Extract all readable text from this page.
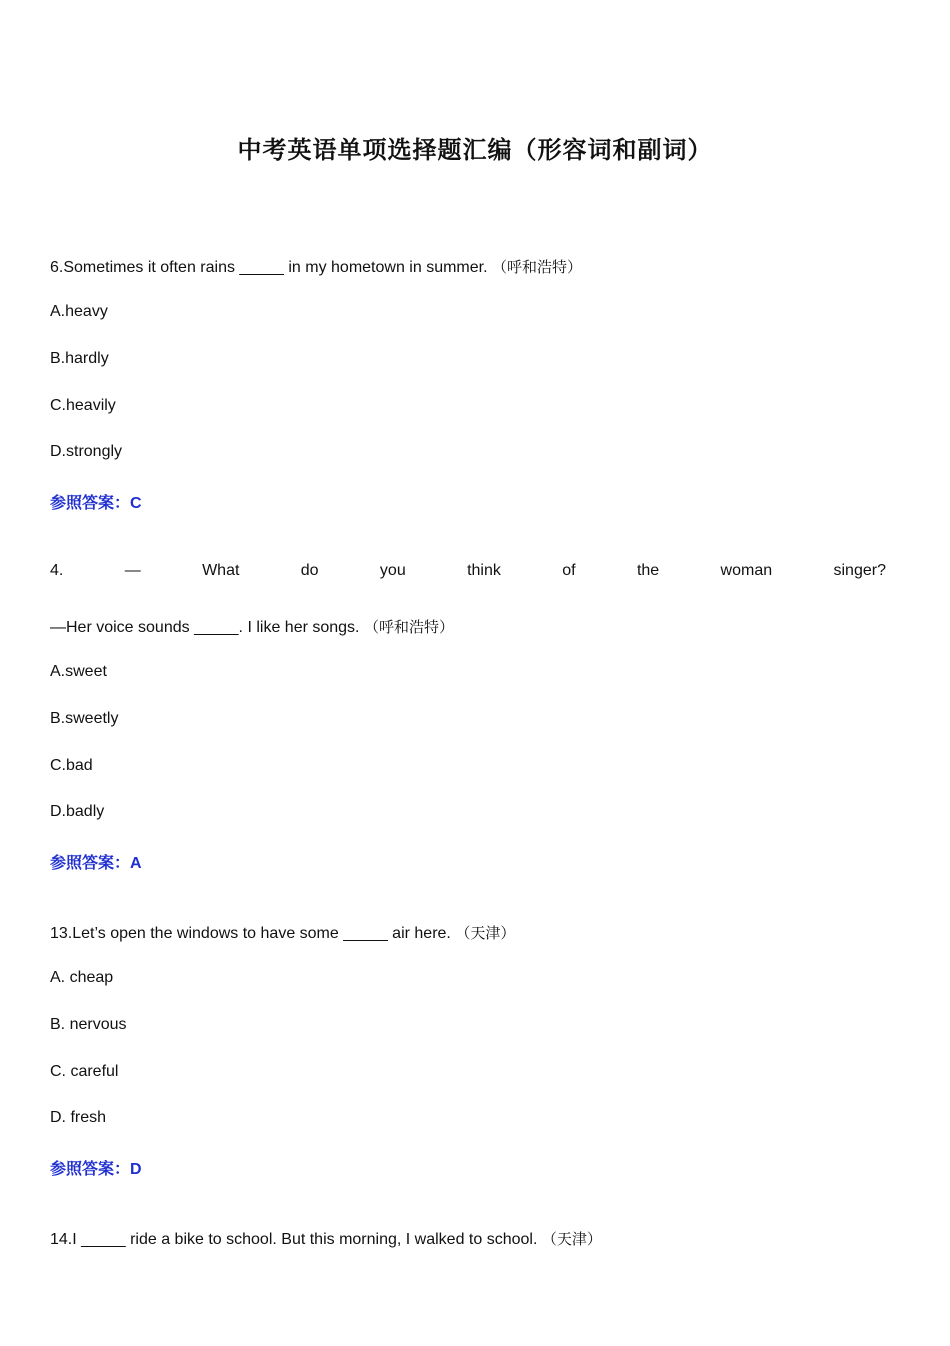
中考英语单项选择题汇编（形容词和副词）
6.Sometimes it often rains _____ in my hometown in summer. （呼和浩特）
A.heavy
B.hardly
C.heavily
D.strongly
参照答案：C
4.	—	What	do	you	think	of	the	woman	singer?
—Her voice sounds _____. I like her songs. （呼和浩特）
A.sweet
B.sweetly
C.bad
D.badly
参照答案：A
13.Let’s open the windows to have some _____ air here. （天津）
A. cheap
B. nervous
C. careful
D. fresh
参照答案：D
14.I _____ ride a bike to school. But this morning, I walked to school. （天津）
